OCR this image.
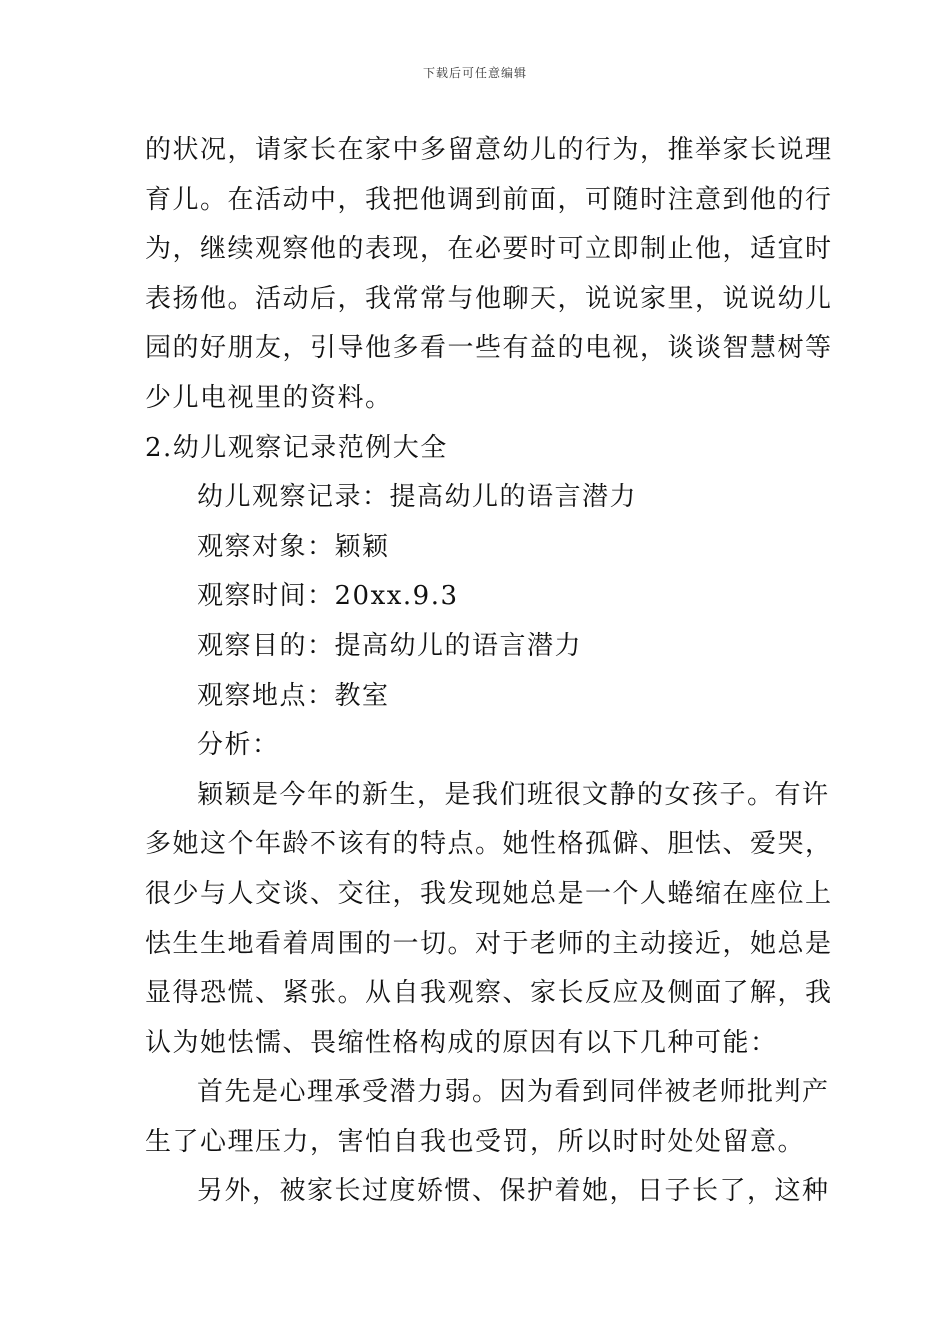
下载后可任意编辑
的状况，请家长在家中多留意幼儿的行为，推举家长说理
育儿。在活动中，我把他调到前面，可随时注意到他的行
为，继续观察他的表现，在必要时可立即制止他，适宜时
表扬他。活动后，我常常与他聊天，说说家里，说说幼儿
园的好朋友，引导他多看一些有益的电视，谈谈智慧树等
少儿电视里的资料。
2.幼儿观察记录范例大全
幼儿观察记录：提高幼儿的语言潜力
观察对象：颖颖
观察时间：20xx.9.3
观察目的：提高幼儿的语言潜力
观察地点：教室
分析：
颖颖是今年的新生，是我们班很文静的女孩子。有许
多她这个年龄不该有的特点。她性格孤僻、胆怯、爱哭，
很少与人交谈、交往，我发现她总是一个人蜷缩在座位上
怯生生地看着周围的一切。对于老师的主动接近，她总是
显得恐慌、紧张。从自我观察、家长反应及侧面了解，我
认为她怯懦、畏缩性格构成的原因有以下几种可能：
首先是心理承受潜力弱。因为看到同伴被老师批判产
生了心理压力，害怕自我也受罚，所以时时处处留意。
另外，被家长过度娇惯、保护着她，日子长了，这种
